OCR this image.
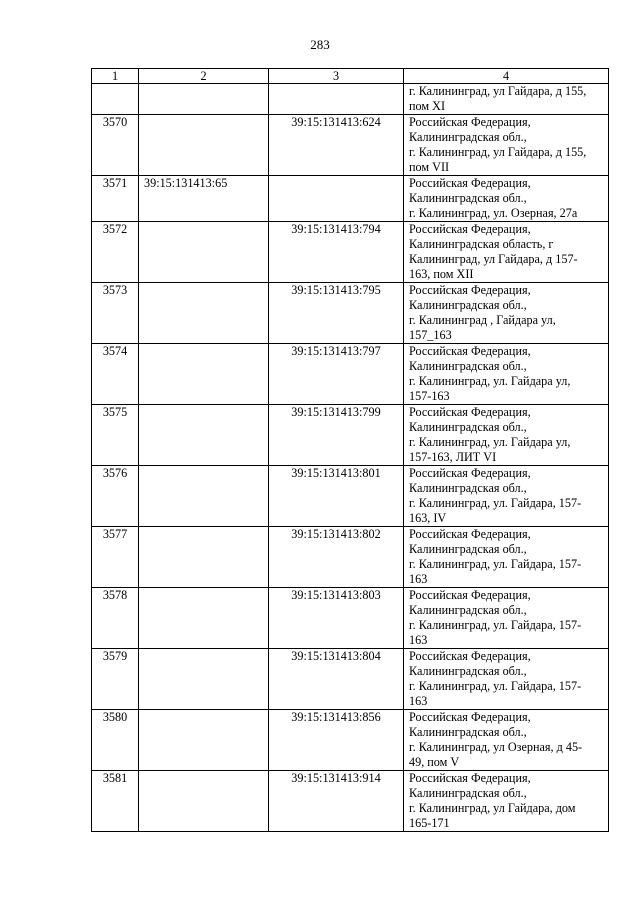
283
1	2	3	4

			г. Калининград, ул Гайдара, д 155,
пом XI

3570		39:15:131413:624	Российская Федерация,
Калининградская обл.,
г. Калининград, ул Гайдара, д 155,
пом VII

3571	39:15:131413:65		Российская Федерация,
Калининградская обл.,
г. Калининград, ул. Озерная, 27а

3572		39:15:131413:794	Российская Федерация,
Калининградская область, г
Калининград, ул Гайдара, д 157-
163, пом XII

3573		39:15:131413:795	Российская Федерация,
Калининградская обл.,
г. Калининград , Гайдара ул,
157_163

3574		39:15:131413:797	Российская Федерация,
Калининградская обл.,
г. Калининград, ул. Гайдара ул,
157-163

3575		39:15:131413:799	Российская Федерация,
Калининградская обл.,
г. Калининград, ул. Гайдара ул,
157-163, ЛИТ VI

3576		39:15:131413:801	Российская Федерация,
Калининградская обл.,
г. Калининград, ул. Гайдара, 157-
163, IV

3577		39:15:131413:802	Российская Федерация,
Калининградская обл.,
г. Калининград, ул. Гайдара, 157-
163

3578		39:15:131413:803	Российская Федерация,
Калининградская обл.,
г. Калининград, ул. Гайдара, 157-
163

3579		39:15:131413:804	Российская Федерация,
Калининградская обл.,
г. Калининград, ул. Гайдара, 157-
163

3580		39:15:131413:856	Российская Федерация,
Калининградская обл.,
г. Калининград, ул Озерная, д 45-
49, пом V

3581		39:15:131413:914	Российская Федерация,
Калининградская обл.,
г. Калининград, ул Гайдара, дом
165-171
